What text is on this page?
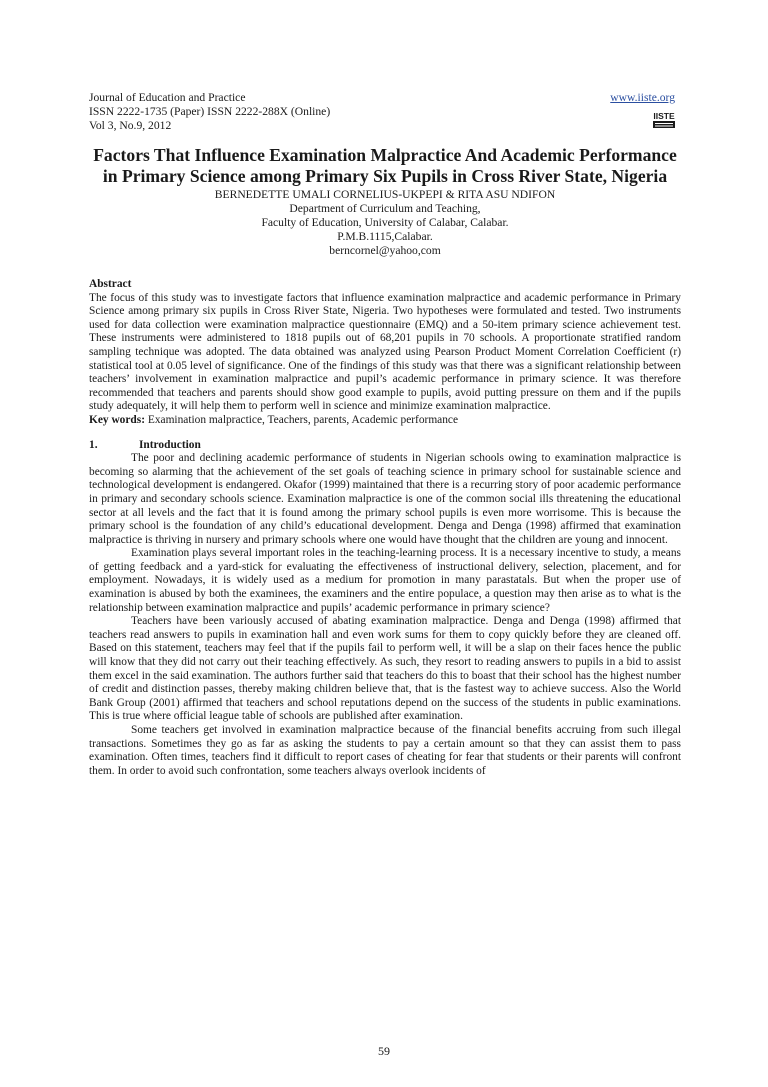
Journal of Education and Practice
ISSN 2222-1735 (Paper) ISSN 2222-288X (Online)
Vol 3, No.9, 2012
www.iiste.org
IISTE
Factors That Influence Examination Malpractice And Academic Performance in Primary Science among Primary Six Pupils in Cross River State, Nigeria
BERNEDETTE UMALI CORNELIUS-UKPEPI & RITA ASU NDIFON
Department of Curriculum and Teaching,
Faculty of Education, University of Calabar, Calabar.
P.M.B.1115,Calabar.
berncornel@yahoo,com
Abstract

The focus of this study was to investigate factors that influence examination malpractice and academic performance in Primary Science among primary six pupils in Cross River State, Nigeria. Two hypotheses were formulated and tested. Two instruments used for data collection were examination malpractice questionnaire (EMQ) and a 50-item primary science achievement test. These instruments were administered to 1818 pupils out of 68,201 pupils in 70 schools. A proportionate stratified random sampling technique was adopted. The data obtained was analyzed using Pearson Product Moment Correlation Coefficient (r) statistical tool at 0.05 level of significance. One of the findings of this study was that there was a significant relationship between teachers’ involvement in examination malpractice and pupil’s academic performance in primary science. It was therefore recommended that teachers and parents should show good example to pupils, avoid putting pressure on them and if the pupils study adequately, it will help them to perform well in science and minimize examination malpractice.

Key words: Examination malpractice, Teachers, parents, Academic performance

1.	Introduction

The poor and declining academic performance of students in Nigerian schools owing to examination malpractice is becoming so alarming that the achievement of the set goals of teaching science in primary school for sustainable science and technological development is endangered. Okafor (1999) maintained that there is a recurring story of poor academic performance in primary and secondary schools science. Examination malpractice is one of the common social ills threatening the educational sector at all levels and the fact that it is found among the primary school pupils is even more worrisome. This is because the primary school is the foundation of any child’s educational development. Denga and Denga (1998) affirmed that examination malpractice is thriving in nursery and primary schools where one would have thought that the children are young and innocent.

Examination plays several important roles in the teaching-learning process. It is a necessary incentive to study, a means of getting feedback and a yard-stick for evaluating the effectiveness of instructional delivery, selection, placement, and for employment. Nowadays, it is widely used as a medium for promotion in many parastatals. But when the proper use of examination is abused by both the examinees, the examiners and the entire populace, a question may then arise as to what is the relationship between examination malpractice and pupils’ academic performance in primary science?

Teachers have been variously accused of abating examination malpractice. Denga and Denga (1998) affirmed that teachers read answers to pupils in examination hall and even work sums for them to copy quickly before they are cleaned off. Based on this statement, teachers may feel that if the pupils fail to perform well, it will be a slap on their faces hence the public will know that they did not carry out their teaching effectively. As such, they resort to reading answers to pupils in a bid to assist them excel in the said examination. The authors further said that teachers do this to boast that their school has the highest number of credit and distinction passes, thereby making children believe that, that is the fastest way to achieve success. Also the World Bank Group (2001) affirmed that teachers and school reputations depend on the success of the students in public examinations. This is true where official league table of schools are published after examination.

Some teachers get involved in examination malpractice because of the financial benefits accruing from such illegal transactions. Sometimes they go as far as asking the students to pay a certain amount so that they can assist them to pass examination. Often times, teachers find it difficult to report cases of cheating for fear that students or their parents will confront them. In order to avoid such confrontation, some teachers always overlook incidents of

59
